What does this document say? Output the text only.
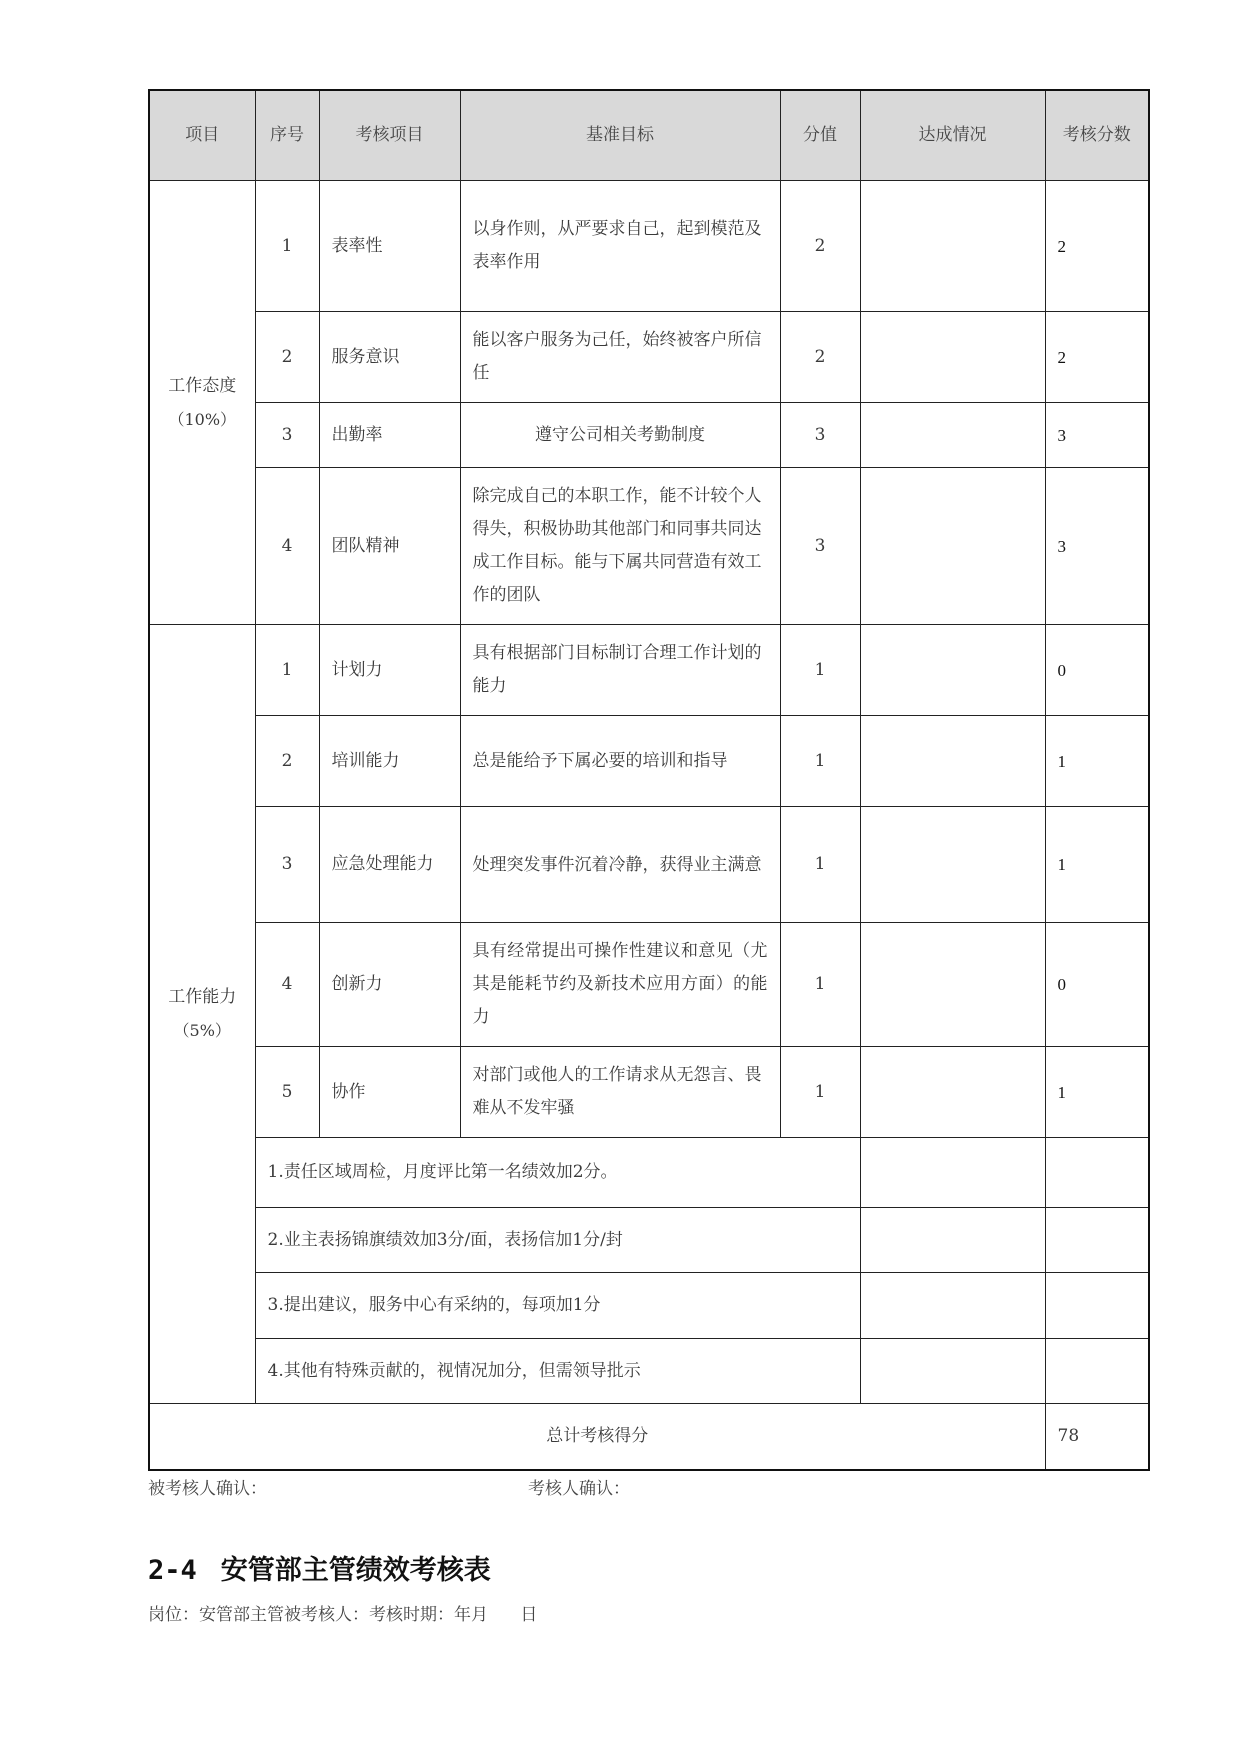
项目	序号	考核项目	基准目标	分值	达成情况	考核分数
工作态度

（10%）	1	表率性	以身作则，从严要求自己，起到模范及表率作用	2		2
	2	服务意识	能以客户服务为己任，始终被客户所信任	2		2
	3	出勤率	遵守公司相关考勤制度	3		3
	4	团队精神	除完成自己的本职工作，能不计较个人得失，积极协助其他部门和同事共同达成工作目标。能与下属共同营造有效工作的团队	3		3
工作能力

（5%）	1	计划力	具有根据部门目标制订合理工作计划的能力	1		0
	2	培训能力	总是能给予下属必要的培训和指导	1		1
	3	应急处理能力	处理突发事件沉着冷静，获得业主满意	1		1
	4	创新力	具有经常提出可操作性建议和意见（尤其是能耗节约及新技术应用方面）的能力	1		0
	5	协作	对部门或他人的工作请求从无怨言、畏难从不发牢骚	1		1
	1.责任区域周检，月度评比第一名绩效加2分。					
	2.业主表扬锦旗绩效加3分/面，表扬信加1分/封					
	3.提出建议，服务中心有采纳的，每项加1分					
	4.其他有特殊贡献的，视情况加分，但需领导批示					
总计考核得分						78
被考核人确认：	考核人确认：
2-4 安管部主管绩效考核表
岗位：安管部主管被考核人：考核时期：年月      日
